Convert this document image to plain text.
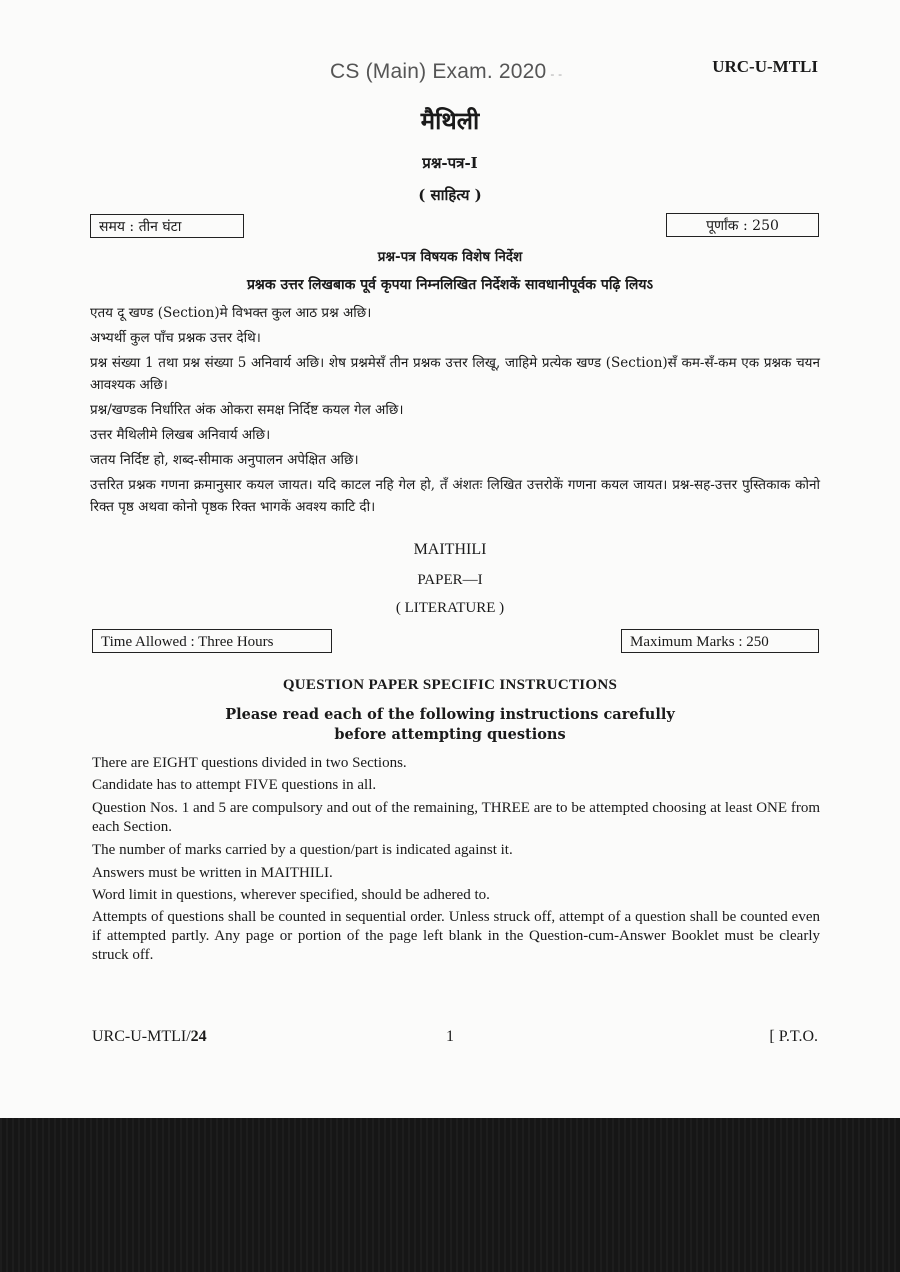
CS (Main) Exam. 2020 - -	URC-U-MTLI
मैथिली
प्रश्न-पत्र-I
( साहित्य )
समय : तीन घंटा	पूर्णांक : 250
प्रश्न-पत्र विषयक विशेष निर्देश
प्रश्नक उत्तर लिखबाक पूर्व कृपया निम्नलिखित निर्देशकें सावधानीपूर्वक पढ़ि लियऽ
एतय दू खण्ड (Section)मे विभक्त कुल आठ प्रश्न अछि।
अभ्यर्थी कुल पाँच प्रश्नक उत्तर देथि।
प्रश्न संख्या 1 तथा प्रश्न संख्या 5 अनिवार्य अछि। शेष प्रश्नमेसँ तीन प्रश्नक उत्तर लिखू, जाहिमे प्रत्येक खण्ड (Section)सँ कम-सँ-कम एक प्रश्नक चयन आवश्यक अछि।
प्रश्न/खण्डक निर्धारित अंक ओकरा समक्ष निर्दिष्ट कयल गेल अछि।
उत्तर मैथिलीमे लिखब अनिवार्य अछि।
जतय निर्दिष्ट हो, शब्द-सीमाक अनुपालन अपेक्षित अछि।
उत्तरित प्रश्नक गणना क्रमानुसार कयल जायत। यदि काटल नहि गेल हो, तँ अंशतः लिखित उत्तरोकें गणना कयल जायत। प्रश्न-सह-उत्तर पुस्तिकाक कोनो रिक्त पृष्ठ अथवा कोनो पृष्ठक रिक्त भागकें अवश्य काटि दी।
MAITHILI
PAPER—I
( LITERATURE )
Time Allowed : Three Hours	Maximum Marks : 250
QUESTION PAPER SPECIFIC INSTRUCTIONS
Please read each of the following instructions carefully
before attempting questions
There are EIGHT questions divided in two Sections.
Candidate has to attempt FIVE questions in all.
Question Nos. 1 and 5 are compulsory and out of the remaining, THREE are to be attempted choosing at least ONE from each Section.
The number of marks carried by a question/part is indicated against it.
Answers must be written in MAITHILI.
Word limit in questions, wherever specified, should be adhered to.
Attempts of questions shall be counted in sequential order. Unless struck off, attempt of a question shall be counted even if attempted partly. Any page or portion of the page left blank in the Question-cum-Answer Booklet must be clearly struck off.
URC-U-MTLI/24	1	[ P.T.O.
